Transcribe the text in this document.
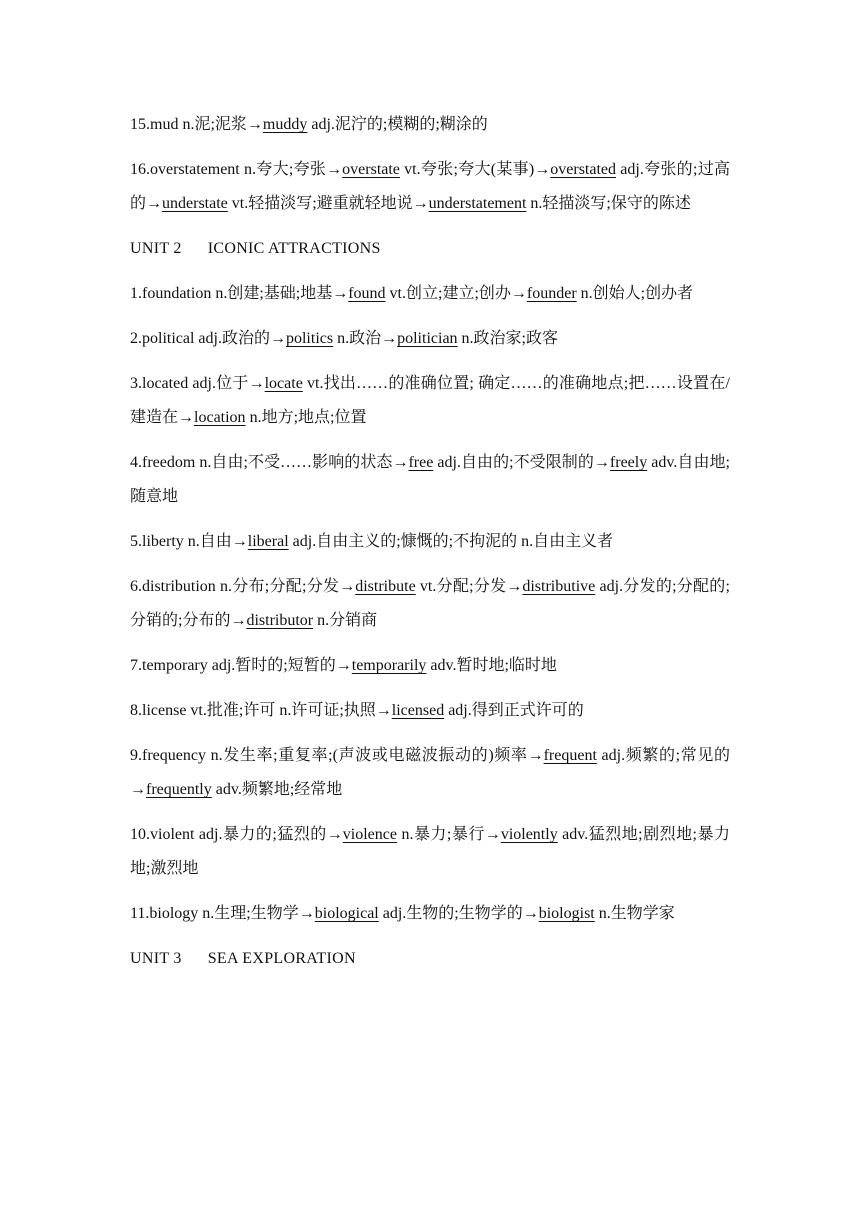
15.mud n.泥;泥浆→muddy adj.泥泞的;模糊的;糊涂的

16.overstatement n.夸大;夸张→overstate vt.夸张;夸大(某事)→overstated adj.夸张的;过高的→understate vt.轻描淡写;避重就轻地说→understatement n.轻描淡写;保守的陈述

UNIT 2 ICONIC ATTRACTIONS

1.foundation n.创建;基础;地基→found vt.创立;建立;创办→founder n.创始人;创办者

2.political adj.政治的→politics n.政治→politician n.政治家;政客

3.located adj.位于→locate vt.找出……的准确位置; 确定……的准确地点;把……设置在/ 建造在→location n.地方;地点;位置

4.freedom n.自由;不受……影响的状态→free adj.自由的;不受限制的→freely adv.自由地;随意地

5.liberty n.自由→liberal adj.自由主义的;慷慨的;不拘泥的 n.自由主义者

6.distribution n.分布;分配;分发→distribute vt.分配;分发→distributive adj.分发的;分配的;分销的;分布的→distributor n.分销商

7.temporary adj.暂时的;短暂的→temporarily adv.暂时地;临时地

8.license vt.批准;许可 n.许可证;执照→licensed adj.得到正式许可的

9.frequency n.发生率;重复率;(声波或电磁波振动的)频率→frequent adj.频繁的;常见的→frequently adv.频繁地;经常地

10.violent adj.暴力的;猛烈的→violence n.暴力;暴行→violently adv.猛烈地;剧烈地;暴力地;激烈地

11.biology n.生理;生物学→biological adj.生物的;生物学的→biologist n.生物学家

UNIT 3 SEA EXPLORATION
